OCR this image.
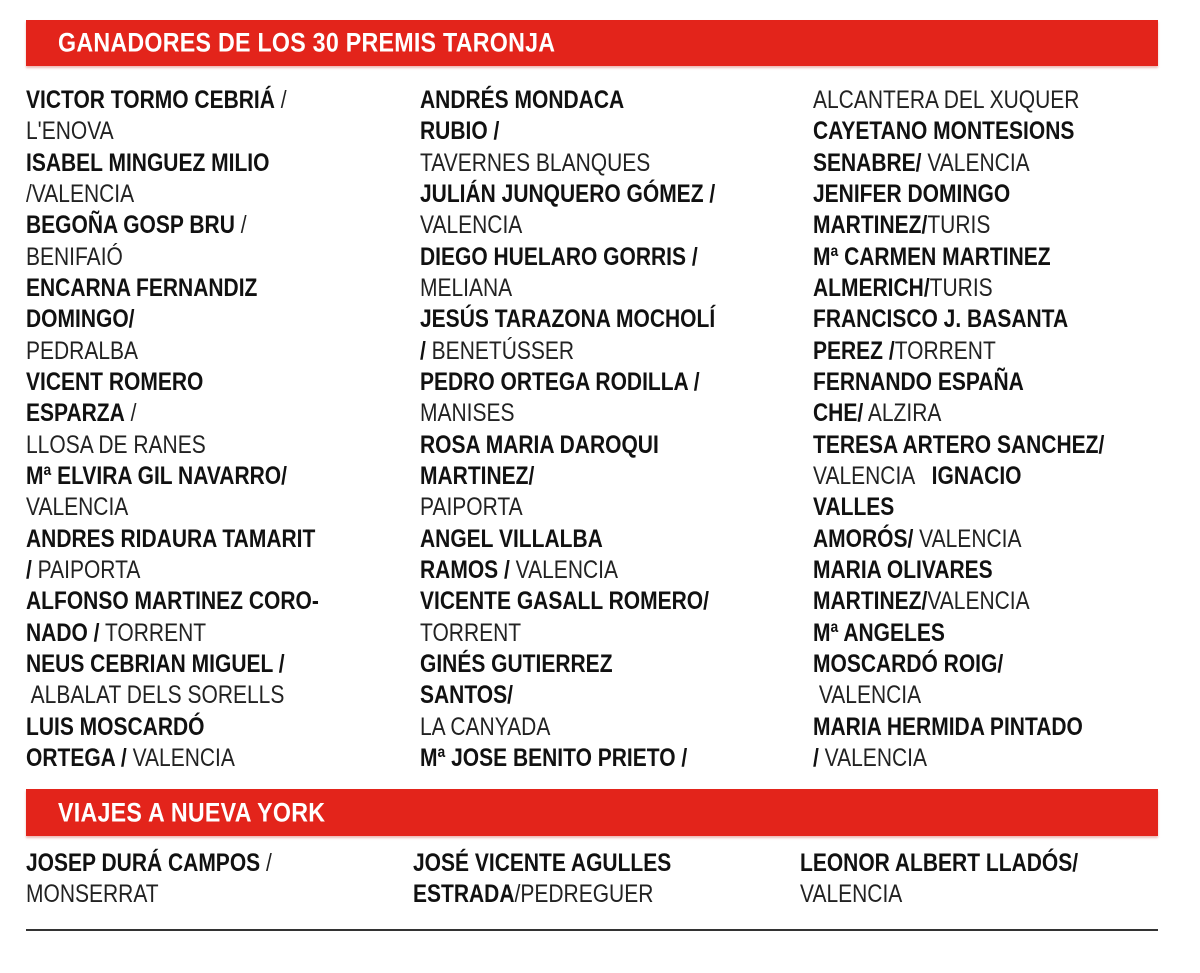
GANADORES DE LOS 30 PREMIS TARONJA
VICTOR TORMO CEBRIÁ /
L'ENOVA
ISABEL MINGUEZ MILIO
/VALENCIA
BEGOÑA GOSP BRU /
BENIFAIÓ
ENCARNA FERNANDIZ
DOMINGO/
PEDRALBA
VICENT ROMERO
ESPARZA /
LLOSA DE RANES
Mª ELVIRA GIL NAVARRO/
VALENCIA
ANDRES RIDAURA TAMARIT
/ PAIPORTA
ALFONSO MARTINEZ CORO-
NADO / TORRENT
NEUS CEBRIAN MIGUEL /
ALBALAT DELS SORELLS
LUIS MOSCARDÓ
ORTEGA / VALENCIA
ANDRÉS MONDACA
RUBIO /
TAVERNES BLANQUES
JULIÁN JUNQUERO GÓMEZ /
VALENCIA
DIEGO HUELARO GORRIS /
MELIANA
JESÚS TARAZONA MOCHOLÍ
/ BENETÚSSER
PEDRO ORTEGA RODILLA /
MANISES
ROSA MARIA DAROQUI
MARTINEZ/
PAIPORTA
ANGEL VILLALBA
RAMOS / VALENCIA
VICENTE GASALL ROMERO/
TORRENT
GINÉS GUTIERREZ
SANTOS/
LA CANYADA
Mª JOSE BENITO PRIETO /
ALCANTERA DEL XUQUER
CAYETANO MONTESIONS
SENABRE/ VALENCIA
JENIFER DOMINGO
MARTINEZ/TURIS
Mª CARMEN MARTINEZ
ALMERICH/TURIS
FRANCISCO J. BASANTA
PEREZ /TORRENT
FERNANDO ESPAÑA
CHE/ ALZIRA
TERESA ARTERO SANCHEZ/
VALENCIA   IGNACIO
VALLES
AMORÓS/ VALENCIA
MARIA OLIVARES
MARTINEZ/VALENCIA
Mª ANGELES
MOSCARDÓ ROIG/
VALENCIA
MARIA HERMIDA PINTADO
/ VALENCIA
VIAJES A NUEVA YORK
JOSEP DURÁ CAMPOS /
MONSERRAT
JOSÉ VICENTE AGULLES
ESTRADA/PEDREGUER
LEONOR ALBERT LLADÓS/
VALENCIA
